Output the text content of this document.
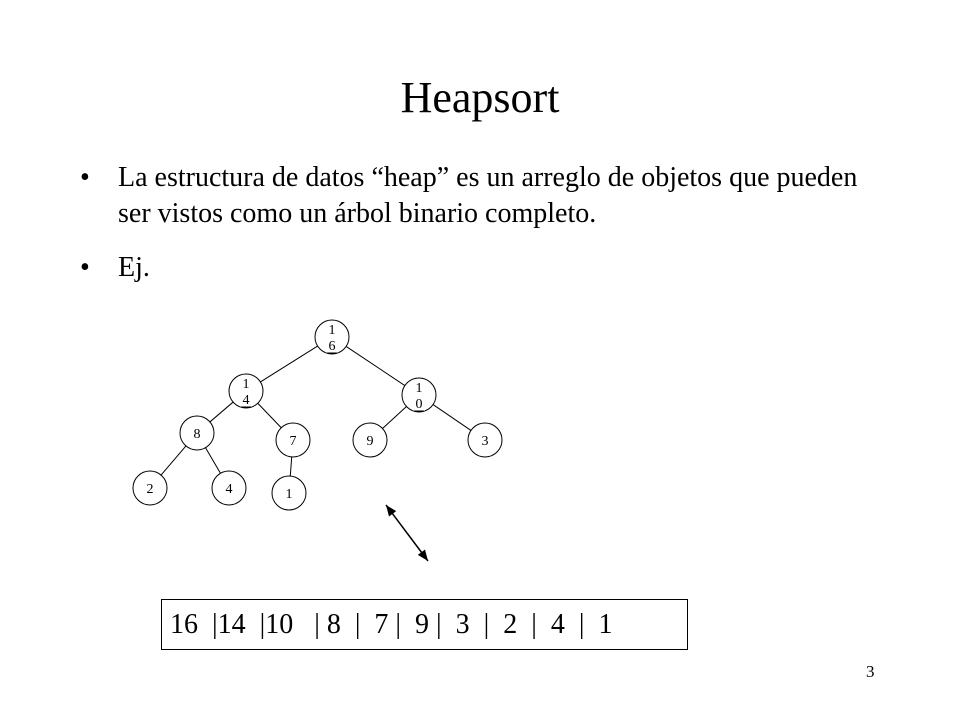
Heapsort
• La estructura de datos “heap” es un arreglo de objetos que pueden ser vistos como un árbol binario completo.
• Ej.
1
6
1
4
1
0
8	7	9	3
2	4	1
16  |14  |10   | 8  |  7 |  9 |  3  |  2  |  4  |  1
3
